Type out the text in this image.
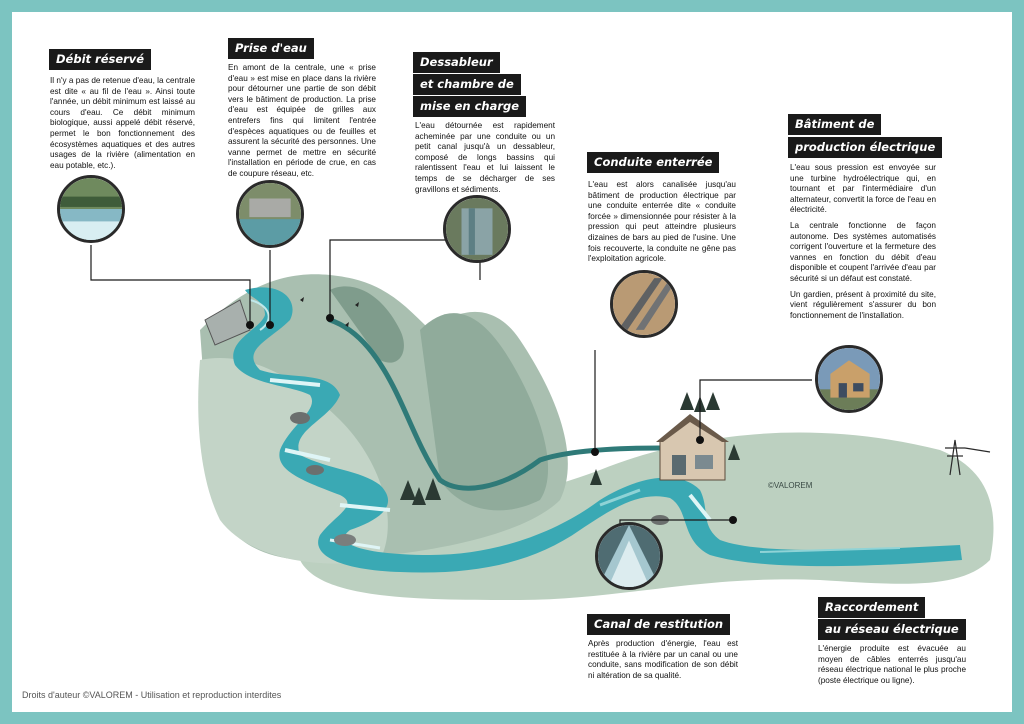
©VALOREM
Débit réservé
Prise d'eau
Dessableur
et chambre de
mise en charge
Conduite enterrée
Bâtiment de
production électrique
Canal de restitution
Raccordement
au réseau électrique
Il n'y a pas de retenue d'eau, la centrale est dite « au fil de l'eau ». Ainsi toute l'année, un débit minimum est laissé au cours d'eau. Ce débit minimum biologique, aussi appelé débit réservé, permet le bon fonctionnement des écosystèmes aquatiques et des autres usages de la rivière (alimentation en eau potable, etc.).
En amont de la centrale, une « prise d'eau » est mise en place dans la rivière pour détourner une partie de son débit vers le bâtiment de production. La prise d'eau est équipée de grilles aux entrefers fins qui limitent l'entrée d'espèces aquatiques ou de feuilles et assurent la sécurité des personnes. Une vanne permet de mettre en sécurité l'installation en période de crue, en cas de coupure réseau, etc.
L'eau détournée est rapidement acheminée par une conduite ou un petit canal jusqu'à un dessableur, composé de longs bassins qui ralentissent l'eau et lui laissent le temps de se décharger de ses gravillons et sédiments.
L'eau est alors canalisée jusqu'au bâtiment de production électrique par une conduite enterrée dite « conduite forcée » dimensionnée pour résister à la pression qui peut atteindre plusieurs dizaines de bars au pied de l'usine. Une fois recouverte, la conduite ne gêne pas l'exploitation agricole.

L'eau sous pression est envoyée sur une turbine hydroélectrique qui, en tournant et par l'intermédiaire d'un alternateur, convertit la force de l'eau en électricité.

La centrale fonctionne de façon autonome. Des systèmes automatisés corrigent l'ouverture et la fermeture des vannes en fonction du débit d'eau disponible et coupent l'arrivée d'eau par sécurité si un défaut est constaté.

Un gardien, présent à proximité du site, vient régulièrement s'assurer du bon fonctionnement de l'installation.

Après production d'énergie, l'eau est restituée à la rivière par un canal ou une conduite, sans modification de son débit ni altération de sa qualité.
L'énergie produite est évacuée au moyen de câbles enterrés jusqu'au réseau électrique national le plus proche (poste électrique ou ligne).
Droits d'auteur ©VALOREM - Utilisation et reproduction interdites
